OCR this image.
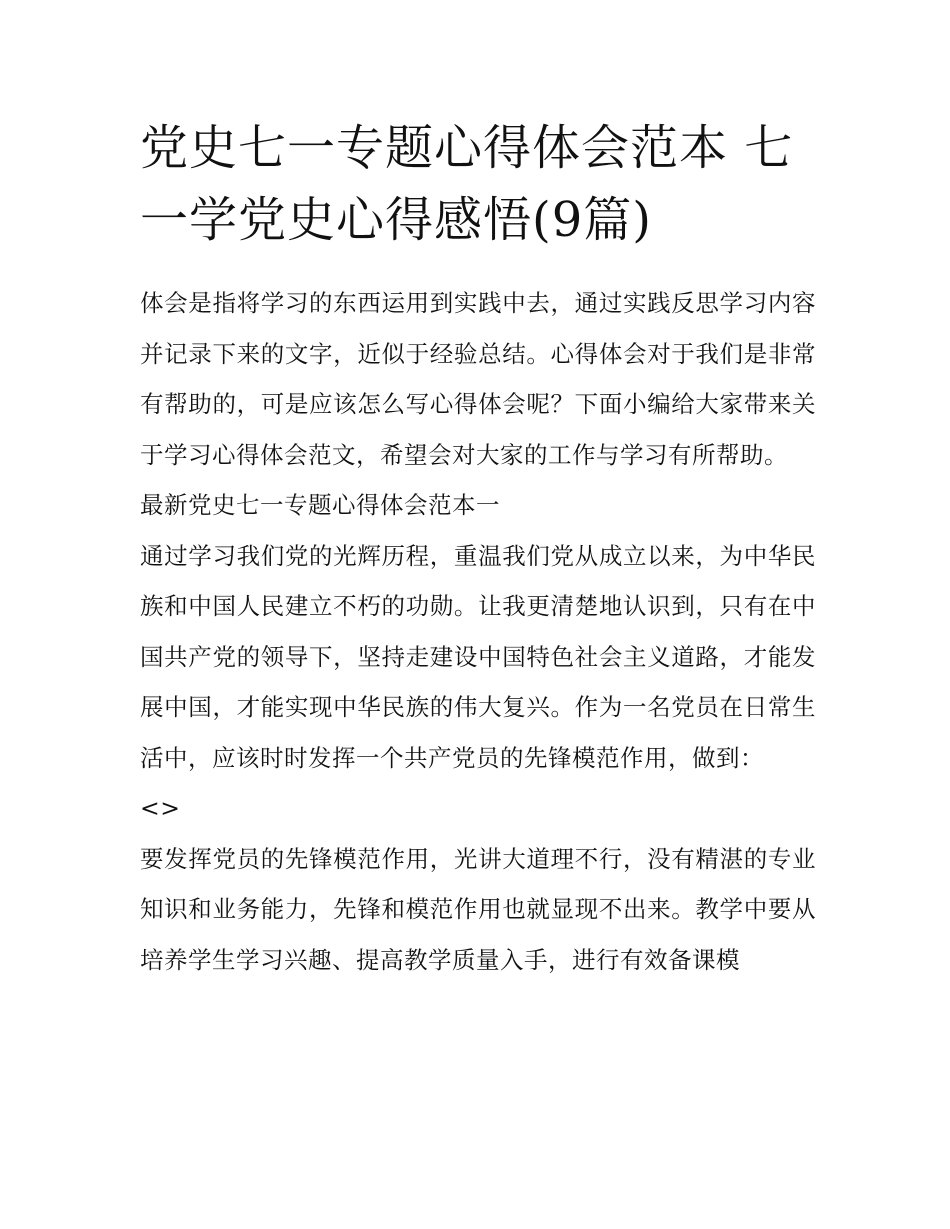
党史七一专题心得体会范本 七一学党史心得感悟(9篇)

体会是指将学习的东西运用到实践中去，通过实践反思学习内容并记录下来的文字，近似于经验总结。心得体会对于我们是非常有帮助的，可是应该怎么写心得体会呢？下面小编给大家带来关于学习心得体会范文，希望会对大家的工作与学习有所帮助。

最新党史七一专题心得体会范本一

通过学习我们党的光辉历程，重温我们党从成立以来，为中华民族和中国人民建立不朽的功勋。让我更清楚地认识到，只有在中国共产党的领导下，坚持走建设中国特色社会主义道路，才能发展中国，才能实现中华民族的伟大复兴。作为一名党员在日常生活中，应该时时发挥一个共产党员的先锋模范作用，做到：

<>

要发挥党员的先锋模范作用，光讲大道理不行，没有精湛的专业知识和业务能力，先锋和模范作用也就显现不出来。教学中要从培养学生学习兴趣、提高教学质量入手，进行有效备课模
